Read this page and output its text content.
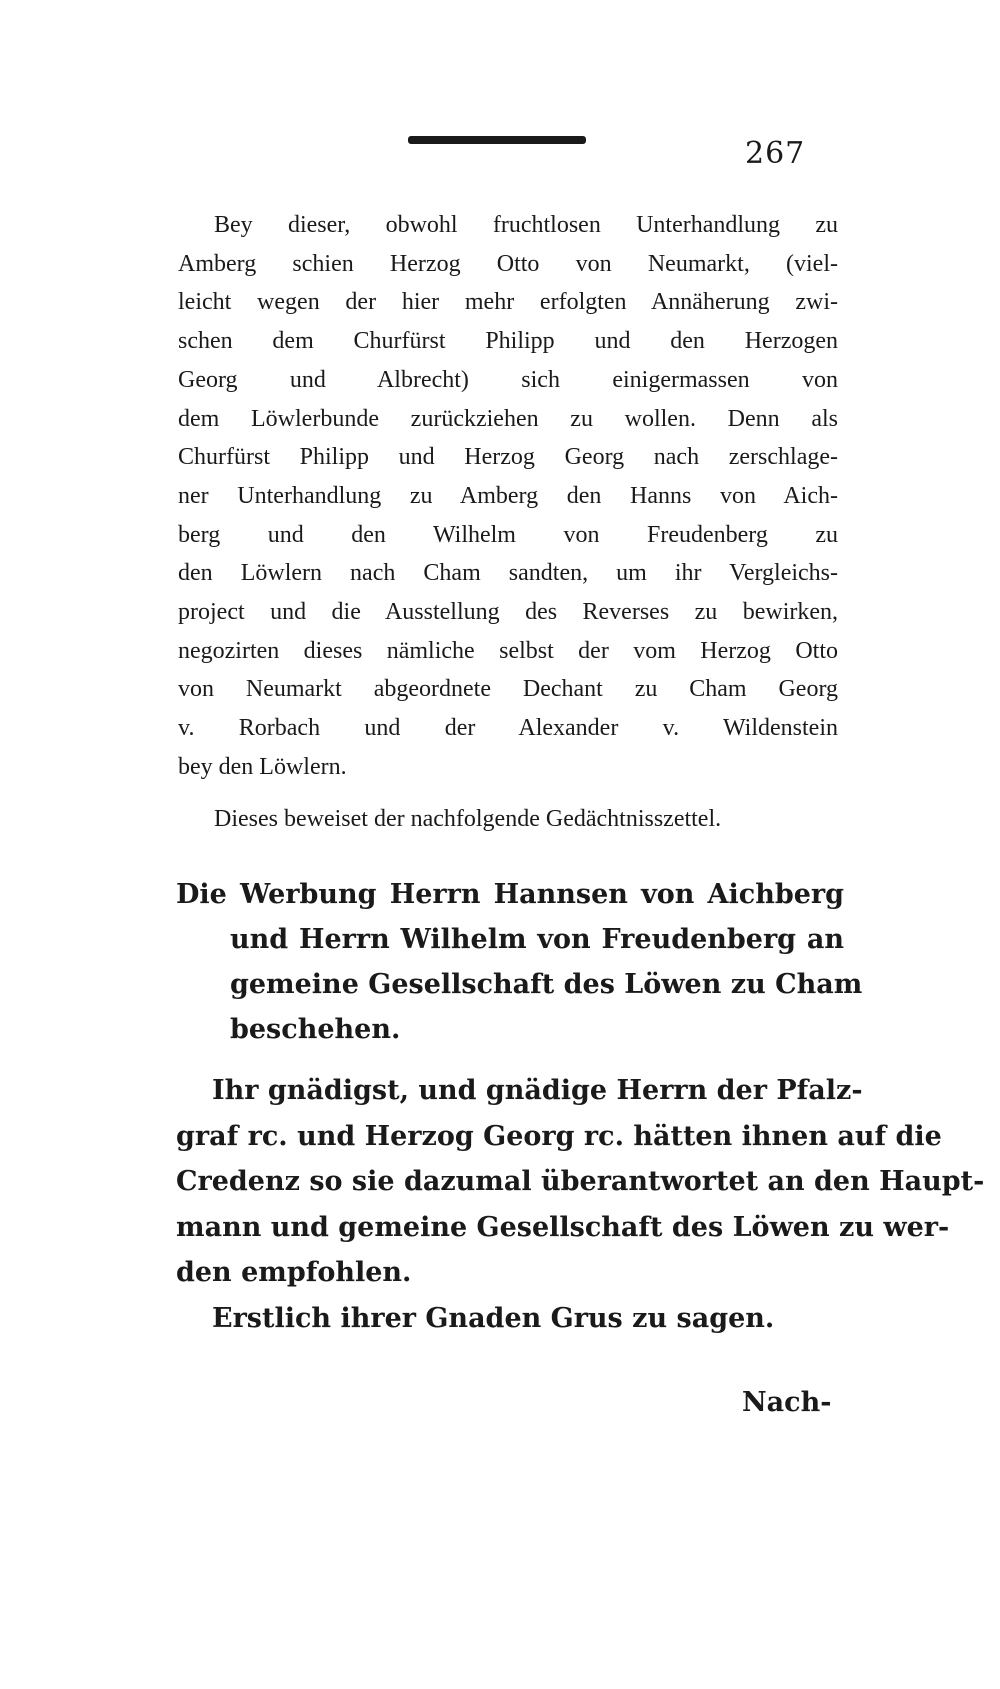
267
Bey dieser, obwohl fruchtlosen Unterhandlung zu
Amberg schien Herzog Otto von Neumarkt, (viel-
leicht wegen der hier mehr erfolgten Annäherung zwi-
schen dem Churfürst Philipp und den Herzogen
Georg und Albrecht) sich einigermassen von
dem Löwlerbunde zurückziehen zu wollen. Denn als
Churfürst Philipp und Herzog Georg nach zerschlage-
ner Unterhandlung zu Amberg den Hanns von Aich-
berg und den Wilhelm von Freudenberg zu
den Löwlern nach Cham sandten, um ihr Vergleichs-
project und die Ausstellung des Reverses zu bewirken,
negozirten dieses nämliche selbst der vom Herzog Otto
von Neumarkt abgeordnete Dechant zu Cham Georg
v. Rorbach und der Alexander v. Wildenstein
bey den Löwlern.
Dieses beweiset der nachfolgende Gedächtnisszettel.
Die Werbung Herrn Hannsen von Aichberg
und Herrn Wilhelm von Freudenberg an
gemeine Gesellschaft des Löwen zu Cham
beschehen.
Ihr gnädigst, und gnädige Herrn der Pfalz-
graf rc. und Herzog Georg rc. hätten ihnen auf die
Credenz so sie dazumal überantwortet an den Haupt-
mann und gemeine Gesellschaft des Löwen zu wer-
den empfohlen.
Erstlich ihrer Gnaden Grus zu sagen.
Nach-
